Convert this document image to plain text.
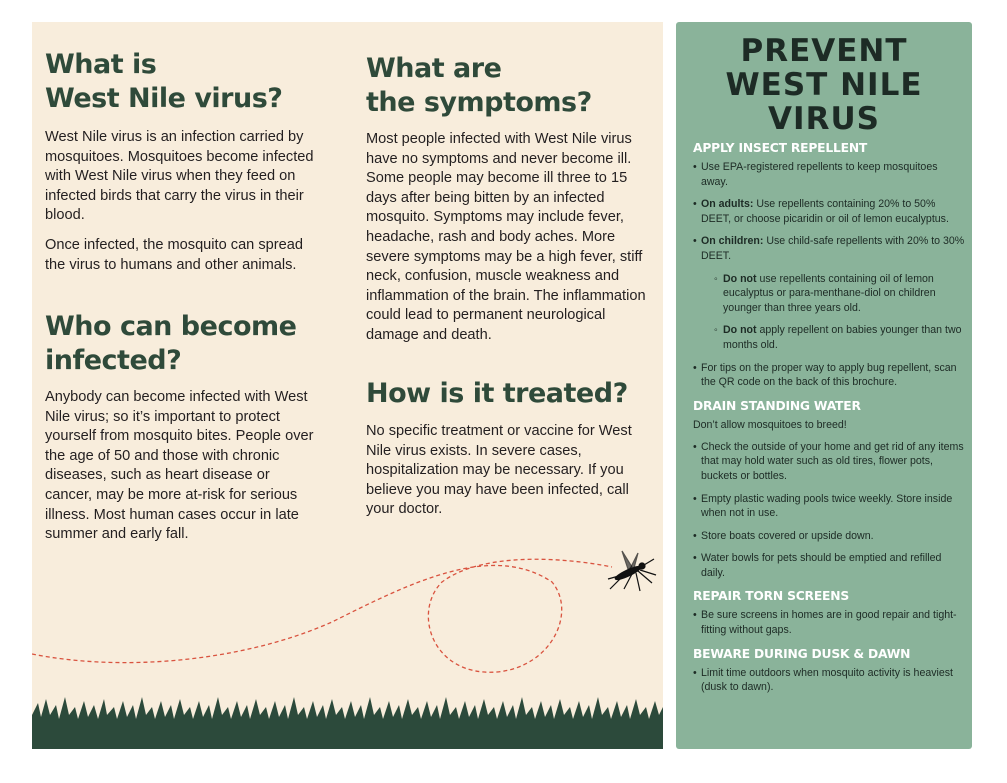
What is
West Nile virus?

West Nile virus is an infection carried by mosquitoes. Mosquitoes become infected with West Nile virus when they feed on infected birds that carry the virus in their blood.

Once infected, the mosquito can spread the virus to humans and other animals.

Who can become
infected?

Anybody can become infected with West Nile virus; so it’s important to protect yourself from mosquito bites. People over the age of 50 and those with chronic diseases, such as heart disease or cancer, may be more at-risk for serious illness. Most human cases occur in late summer and early fall.

What are
the symptoms?

Most people infected with West Nile virus have no symptoms and never become ill. Some people may become ill three to 15 days after being bitten by an infected mosquito. Symptoms may include fever, headache, rash and body aches. More severe symptoms may be a high fever, stiff neck, confusion, muscle weakness and inflammation of the brain. The inflammation could lead to permanent neurological damage and death.

How is it treated?

No specific treatment or vaccine for West Nile virus exists. In severe cases, hospitalization may be necessary. If you believe you may have been infected, call your doctor.

PREVENT
WEST NILE
VIRUS
APPLY INSECT REPELLENT
• Use EPA-registered repellents to keep mosquitoes away.
• On adults: Use repellents containing 20% to 50% DEET, or choose picaridin or oil of lemon eucalyptus.
• On children: Use child-safe repellents with 20% to 30% DEET.
◦ Do not use repellents containing oil of lemon eucalyptus or para-menthane-diol on children younger than three years old.
◦ Do not apply repellent on babies younger than two months old.
• For tips on the proper way to apply bug repellent, scan the QR code on the back of this brochure.
DRAIN STANDING WATER

Don’t allow mosquitoes to breed!

• Check the outside of your home and get rid of any items that may hold water such as old tires, flower pots, buckets or bottles.
• Empty plastic wading pools twice weekly. Store inside when not in use.
• Store boats covered or upside down.
• Water bowls for pets should be emptied and refilled daily.
REPAIR TORN SCREENS
• Be sure screens in homes are in good repair and tight-fitting without gaps.
BEWARE DURING DUSK & DAWN
• Limit time outdoors when mosquito activity is heaviest (dusk to dawn).
